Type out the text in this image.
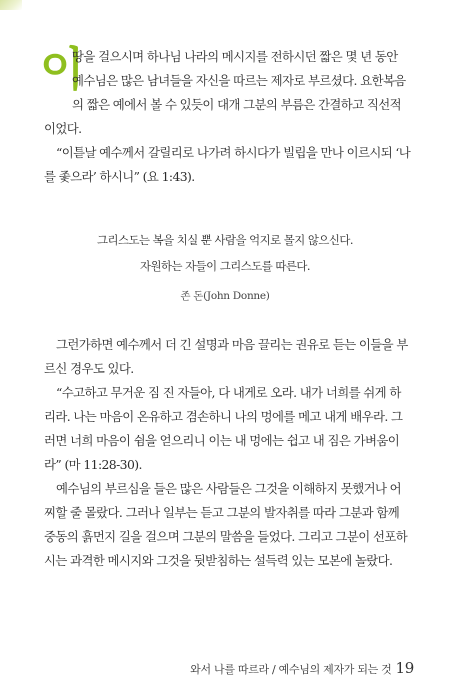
이
땅을 걸으시며 하나님 나라의 메시지를 전하시던 짧은 몇 년 동안 예수님은 많은 남녀들을 자신을 따르는 제자로 부르셨다. 요한복음의 짧은 예에서 볼 수 있듯이 대개 그분의 부름은 간결하고 직선적이었다.
“이튿날 예수께서 갈릴리로 나가려 하시다가 빌립을 만나 이르시되 ‘나를 좇으라’ 하시니” (요 1:43).
그리스도는 복을 치실 뿐 사람을 억지로 몰지 않으신다.
자원하는 자들이 그리스도를 따른다.
존 돈(John Donne)
그런가하면 예수께서 더 긴 설명과 마음 끌리는 권유로 듣는 이들을 부르신 경우도 있다.
“수고하고 무거운 짐 진 자들아, 다 내게로 오라. 내가 너희를 쉬게 하리라. 나는 마음이 온유하고 겸손하니 나의 멍에를 메고 내게 배우라. 그러면 너희 마음이 쉼을 얻으리니 이는 내 멍에는 쉽고 내 짐은 가벼움이라” (마 11:28-30).
예수님의 부르심을 들은 많은 사람들은 그것을 이해하지 못했거나 어찌할 줄 몰랐다. 그러나 일부는 듣고 그분의 발자취를 따라 그분과 함께 중동의 흙먼지 길을 걸으며 그분의 말씀을 들었다. 그리고 그분이 선포하시는 과격한 메시지와 그것을 뒷받침하는 설득력 있는 모본에 놀랐다.
와서 나를 따르라 / 예수님의 제자가 되는 것 19
